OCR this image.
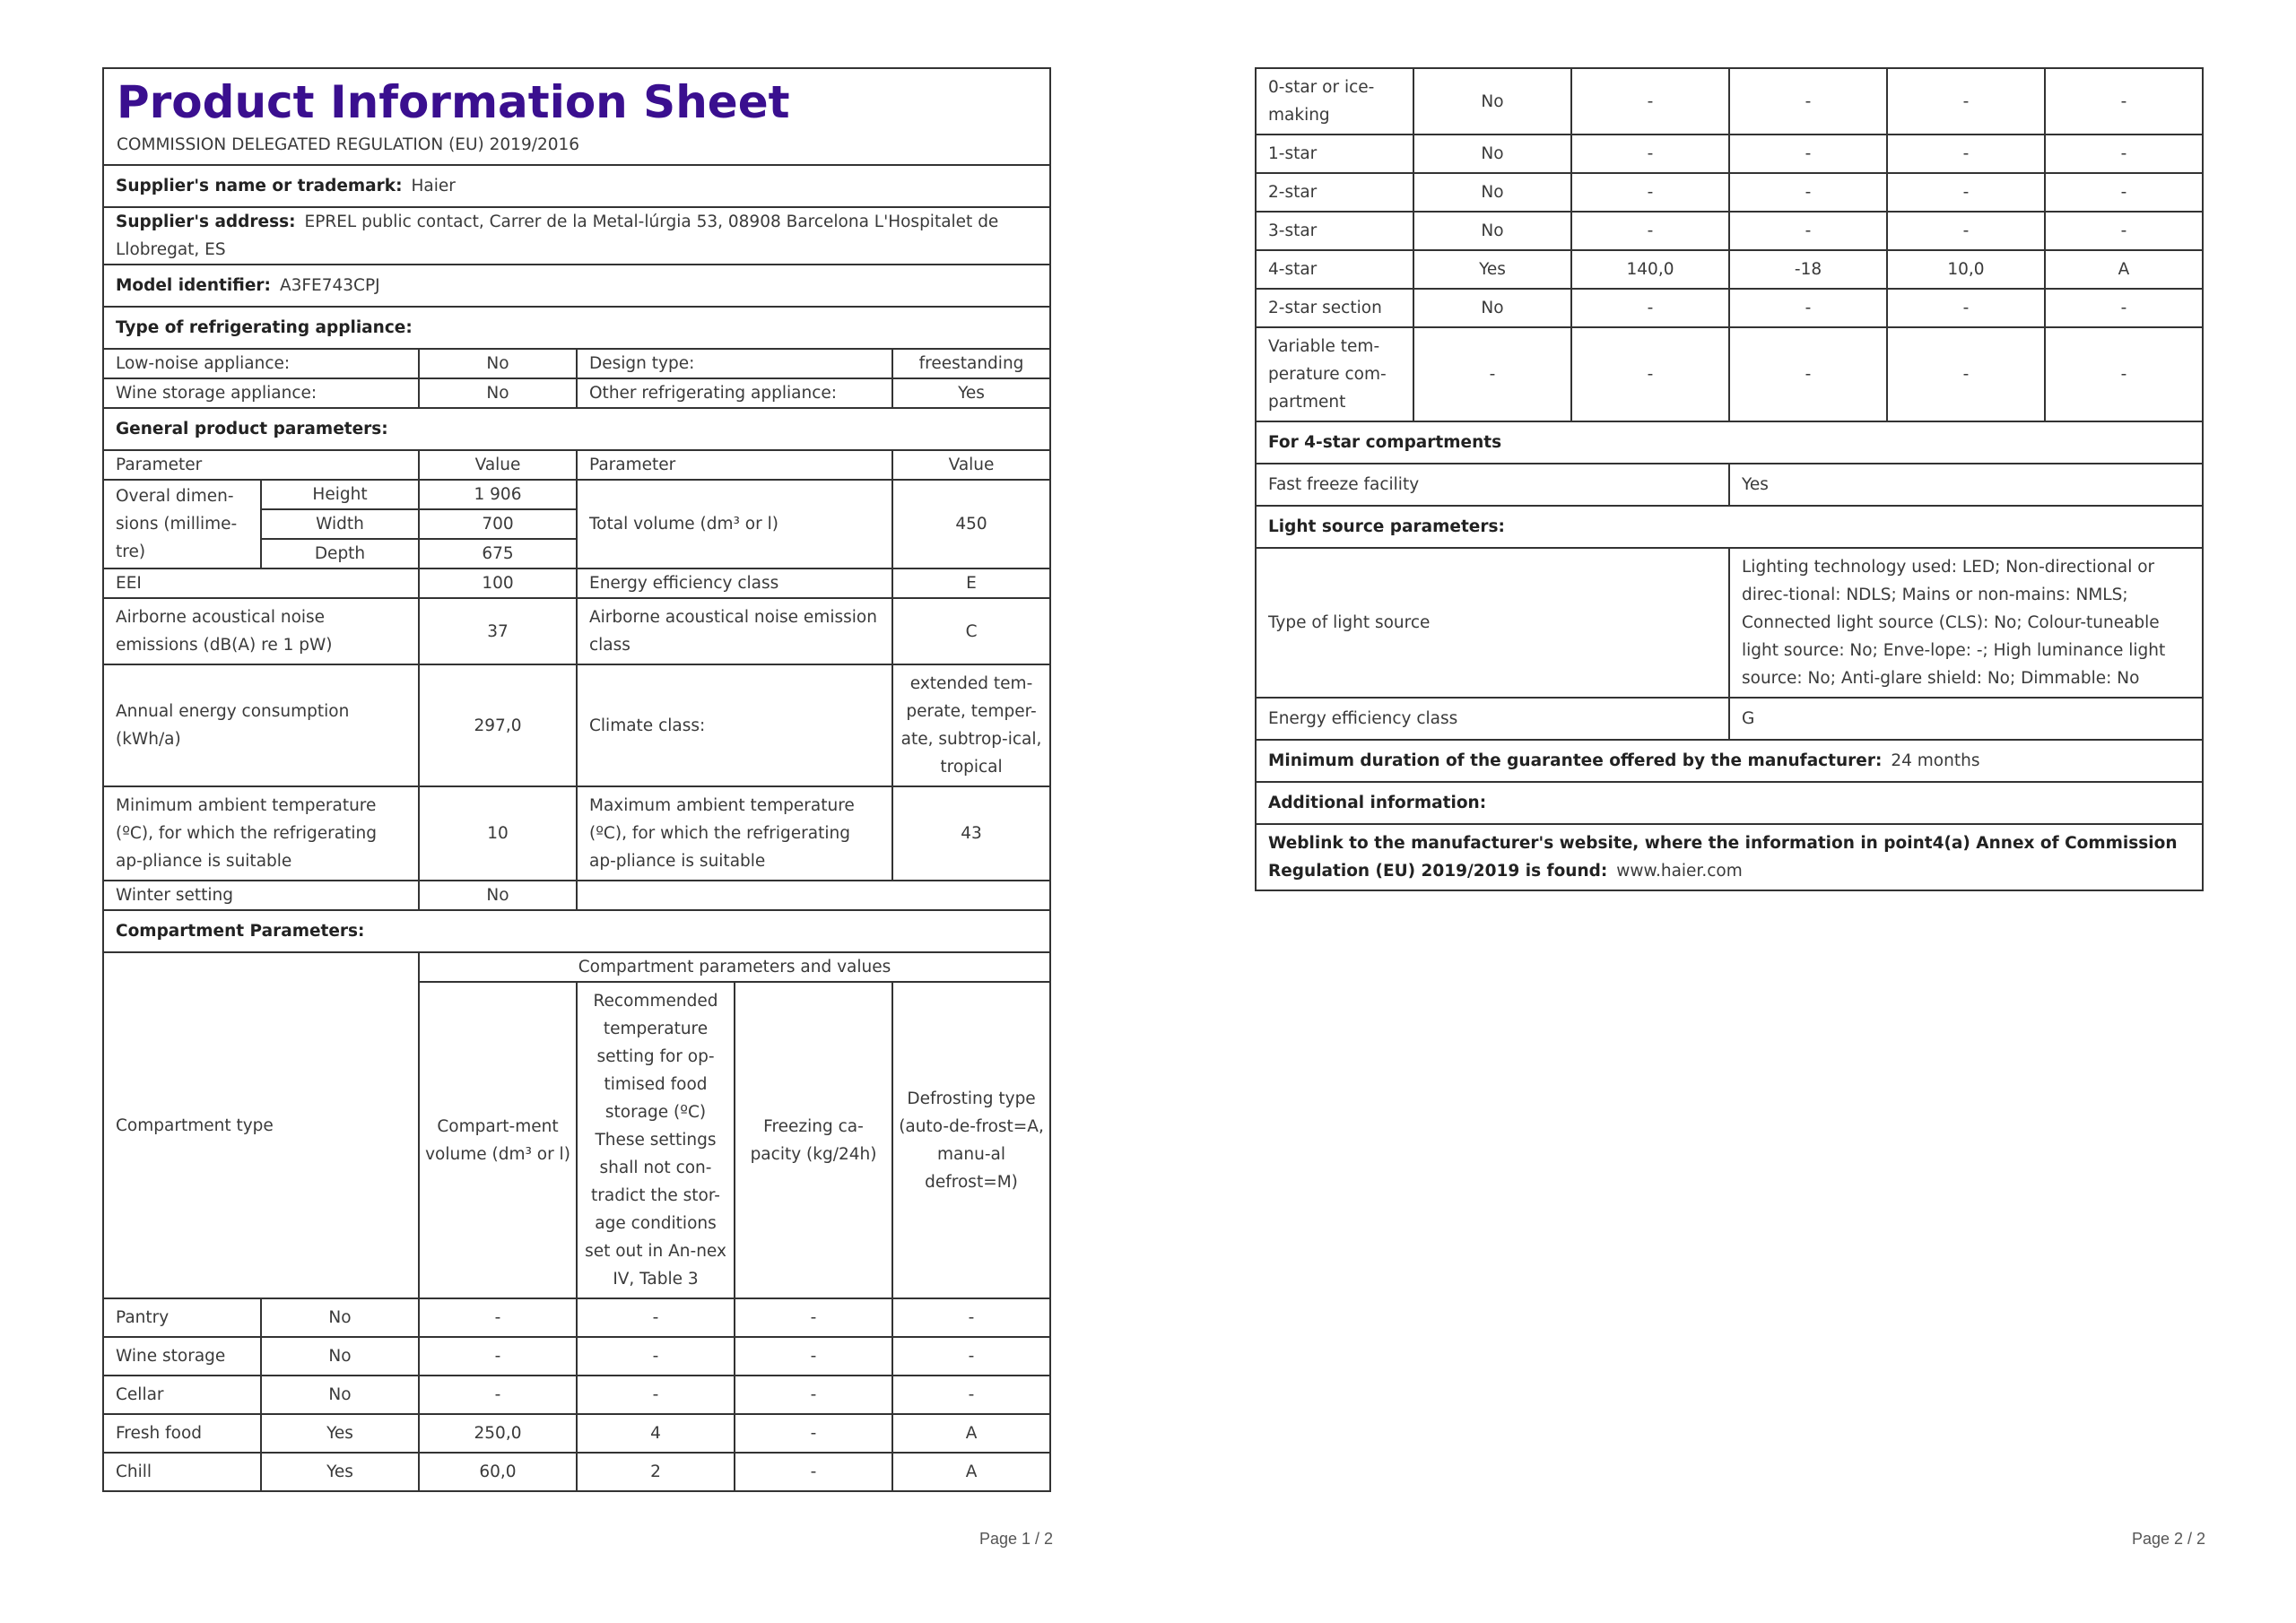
Product Information Sheet
COMMISSION DELEGATED REGULATION (EU) 2019/2016					

Supplier's name or trademark: Haier					
Supplier's address: EPREL public contact, Carrer de la Metal-lúrgia 53, 08908 Barcelona L'Hospitalet de Llobregat, ES					
Model identifier: A3FE743CPJ					
Type of refrigerating appliance:					
Low-noise appliance:		No	Design type:		freestanding
Wine storage appliance:		No	Other refrigerating appliance:		Yes
General product parameters:					
Parameter		Value	Parameter		Value
Overal dimen-sions (millime-tre)	Height	1 906	Total volume (dm³ or l)		450
	Width	700			
	Depth	675			
EEI		100	Energy efficiency class		E
Airborne acoustical noise emissions (dB(A) re 1 pW)		37	Airborne acoustical noise emission class		C
Annual energy consumption (kWh/a)		297,0	Climate class:		extended tem-perate, temper-ate, subtrop-ical, tropical
Minimum ambient temperature (ºC), for which the refrigerating ap-pliance is suitable		10	Maximum ambient temperature (ºC), for which the refrigerating ap-pliance is suitable		43
Winter setting		No			
Compartment Parameters:					
Compartment type		Compartment parameters and values			
		Compart-ment volume (dm³ or l)	Recommended temperature setting for op-timised food storage (ºC) These settings shall not con-tradict the stor-age conditions set out in An-nex IV, Table 3	Freezing ca-pacity (kg/24h)	Defrosting type (auto-de-frost=A, manu-al defrost=M)
Pantry	No	-	-	-	-
Wine storage	No	-	-	-	-
Cellar	No	-	-	-	-
Fresh food	Yes	250,0	4	-	A
Chill	Yes	60,0	2	-	A
Page 1 / 2
0-star or ice-making	No	-	-	-	-
1-star	No	-	-	-	-
2-star	No	-	-	-	-
3-star	No	-	-	-	-
4-star	Yes	140,0	-18	10,0	A
2-star section	No	-	-	-	-
Variable tem-perature com-partment	-	-	-	-	-
For 4-star compartments					
Fast freeze facility			Yes		
Light source parameters:					
Type of light source			Lighting technology used: LED; Non-directional or direc-tional: NDLS; Mains or non-mains: NMLS; Connected light source (CLS): No; Colour-tuneable light source: No; Enve-lope: -; High luminance light source: No; Anti-glare shield: No; Dimmable: No		
Energy efficiency class			G		
Minimum duration of the guarantee offered by the manufacturer: 24 months					
Additional information:					
Weblink to the manufacturer's website, where the information in point4(a) Annex of Commission Regulation (EU) 2019/2019 is found: www.haier.com					
Page 2 / 2
